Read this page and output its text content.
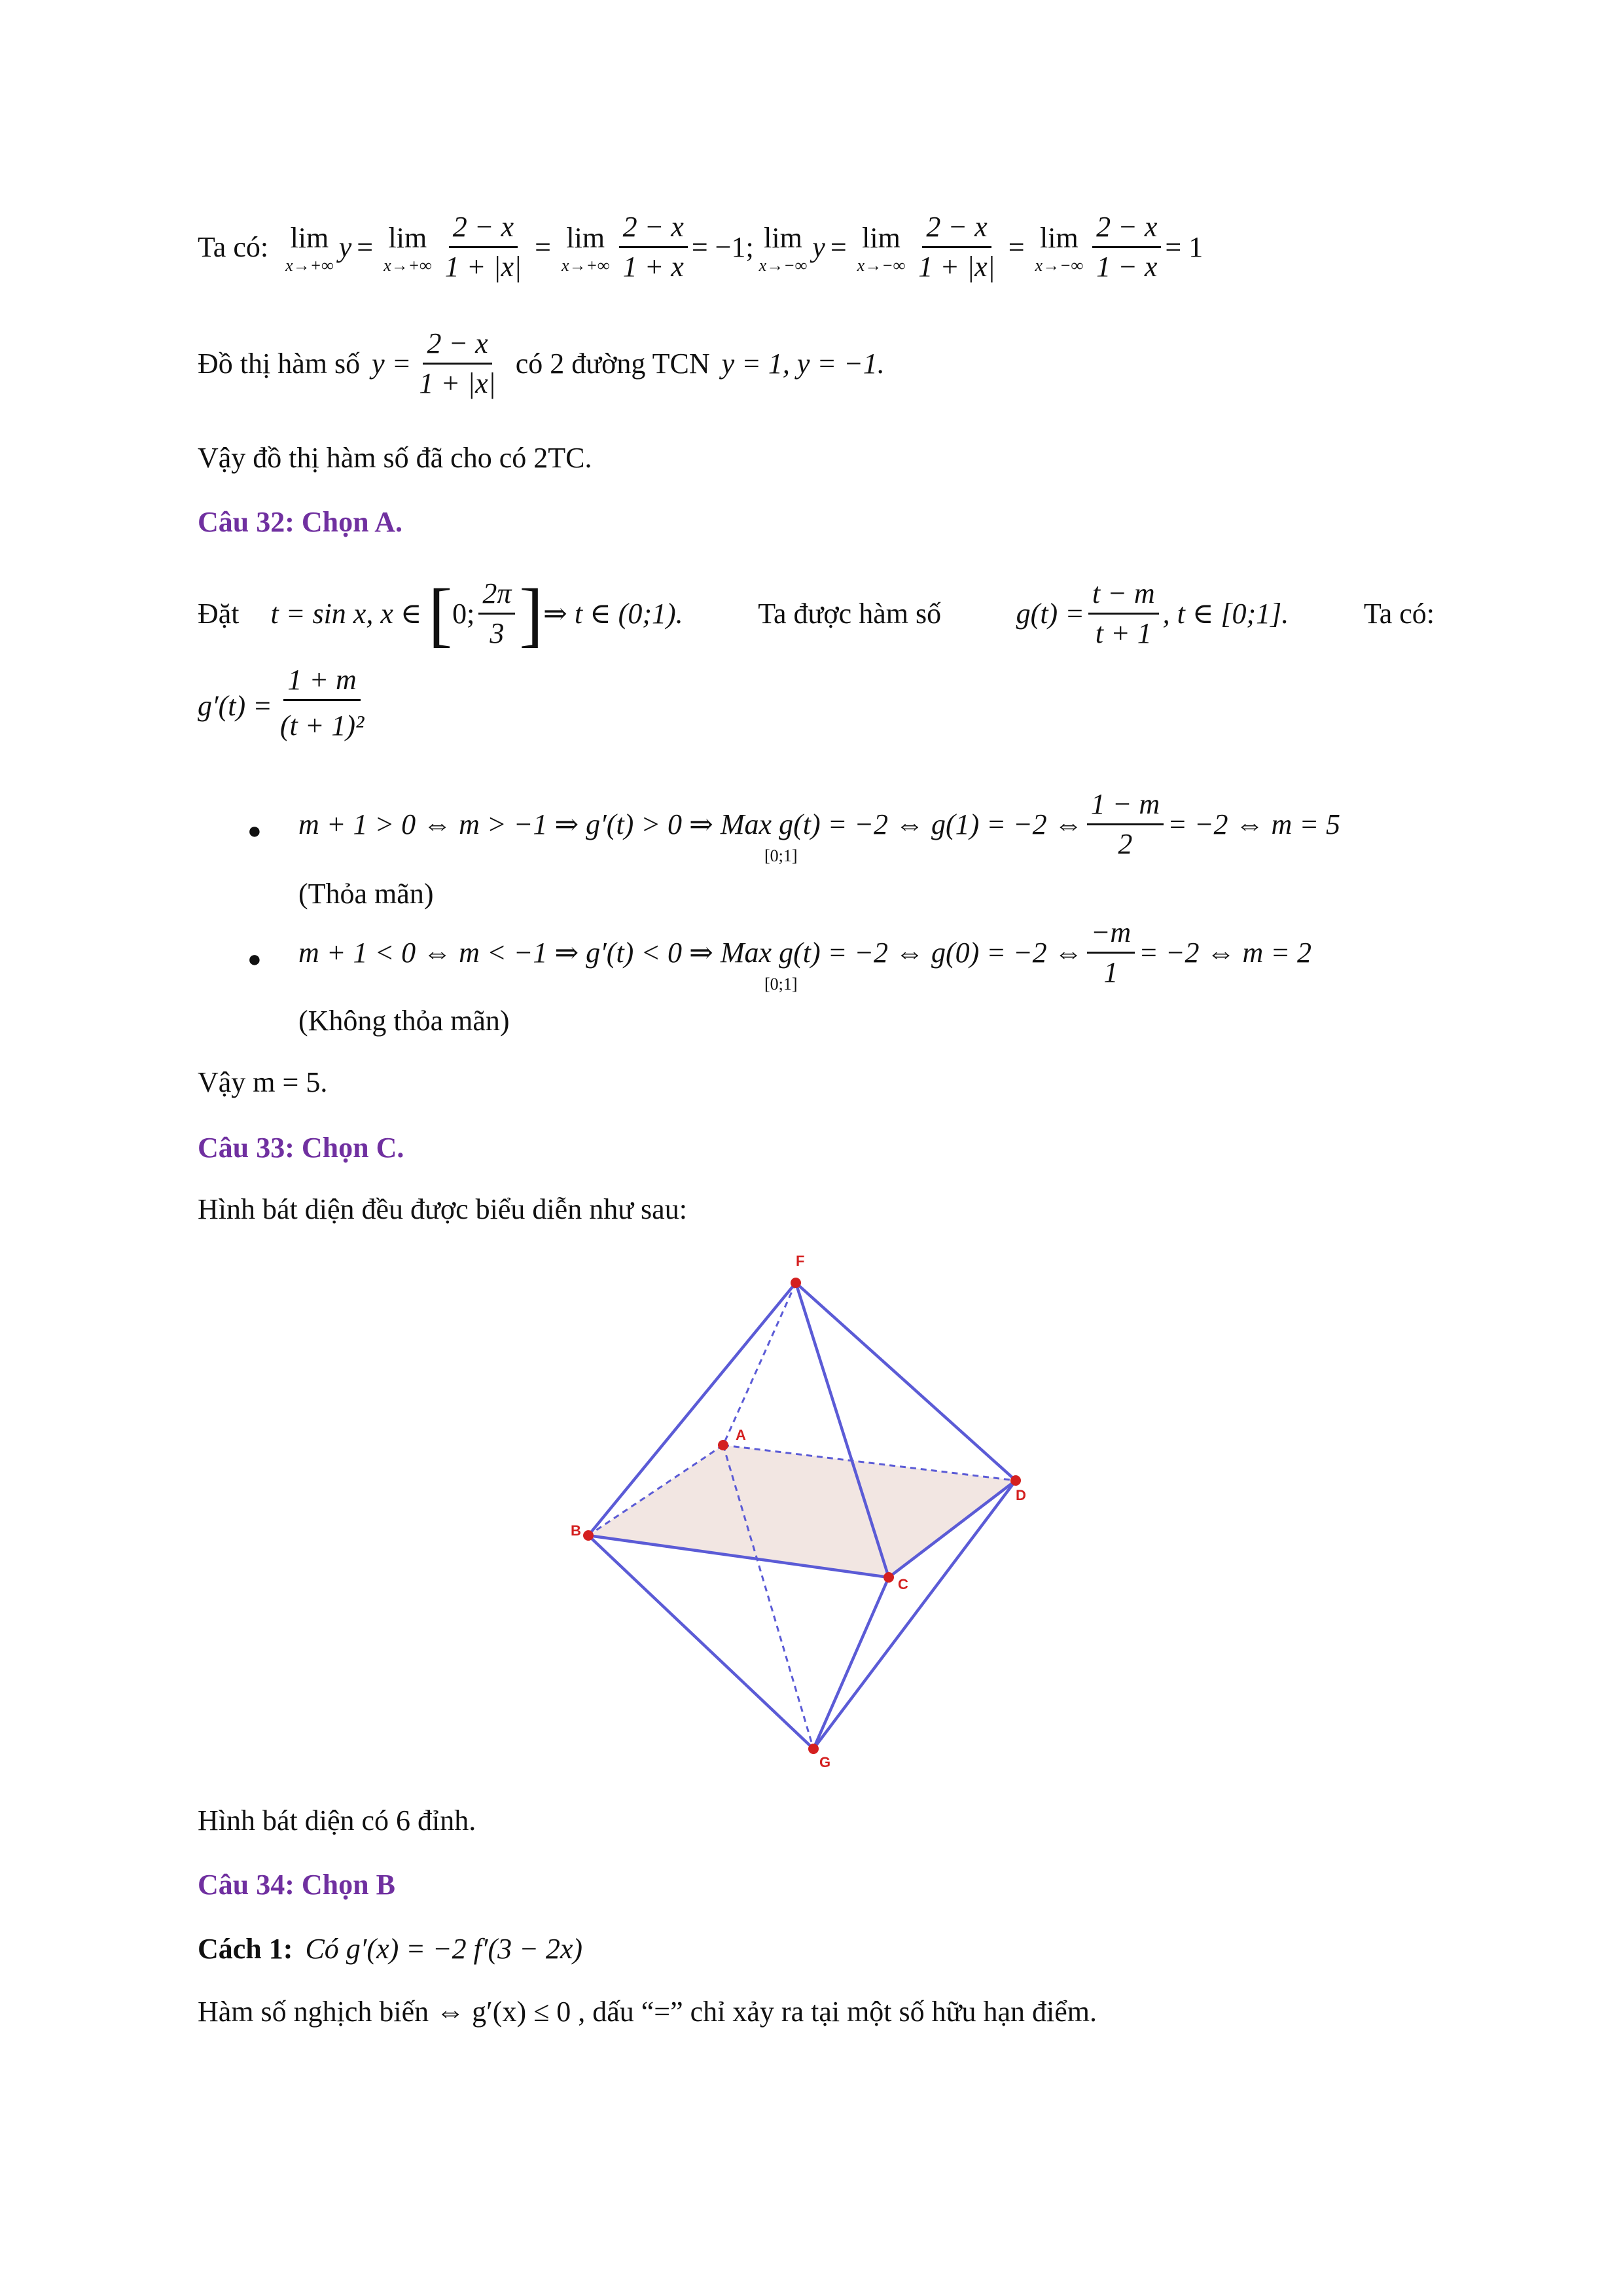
Ta có: lim
x→+∞
y = lim
$x\to+\infty \frac{2 - x}{1 + |x|} = \lim$
$x\to+\infty \frac{2 - x}{1 + x} = -1$; lim
x→−∞
y = lim
$x\to-\infty \frac{2 - x}{1 + |x|} = \lim$
$x\to-\infty \frac{2 - x}{1 - x} = 1$
Đồ thị hàm số $y = \frac{2 - x}{1 + |x|}$ có 2 đường TCN y = 1, y = −1.
Vậy đồ thị hàm số đã cho có 2TC.
Câu 32: Chọn A.
Đặt t = sin x, x ∈ [ 0; $\frac{2\pi}{3}$ ] ⇒ t ∈ (0;1).	Ta được hàm số	$g(t) = \frac{t - m}{t + 1}$ , t ∈ [0;1].	Ta có:
$g'(t) = \frac{1 + m}{\text{(t + 1)²}}$
● m + 1 > 0 ⇔ m > −1 ⇒ g′(t) > 0 ⇒ Max g(t) = −2 ⇔ g(1) = −2 ⇔ $\frac{1 - m}{2} = -2$ ⇔ m = 5
[0;1]
(Thỏa mãn)
● m + 1 < 0 ⇔ m < −1 ⇒ g′(t) < 0 ⇒ Max g(t) = −2 ⇔ g(0) = −2 ⇔ $\frac{-m}{1} = -2$ ⇔ m = 2
[0;1]
(Không thỏa mãn)
Vậy m = 5.
Câu 33: Chọn C.
Hình bát diện đều được biểu diễn như sau:
F
A
B
C
D
G
Hình bát diện có 6 đỉnh.
Câu 34: Chọn B
Cách 1: Có g′(x) = −2 f′(3 − 2x)
Hàm số nghịch biến ⇔ g′(x) ≤ 0 , dấu “=” chỉ xảy ra tại một số hữu hạn điểm.
